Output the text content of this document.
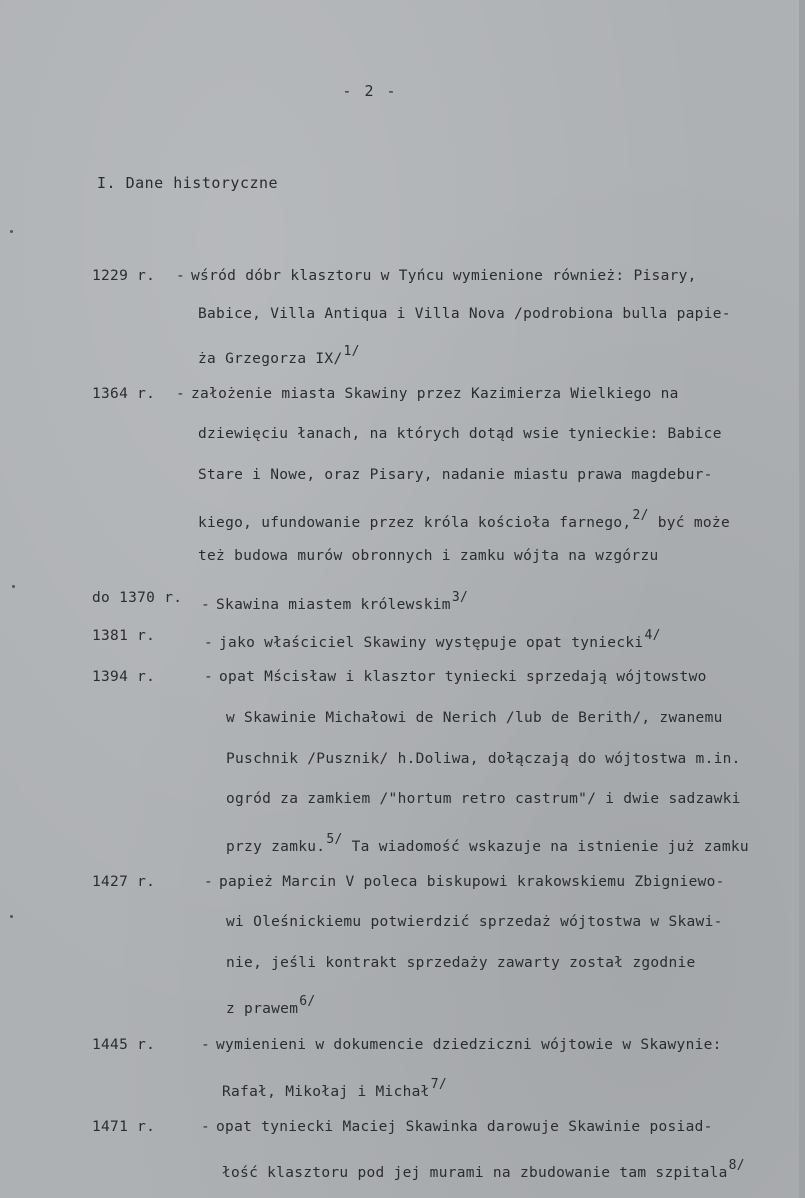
- 2 -
I. Dane historyczne
1229 r. - wśród dóbr klasztoru w Tyńcu wymienione również: Pisary,
Babice, Villa Antiqua i Villa Nova /podrobiona bulla papie-
ża Grzegorza IX/1/
1364 r. - założenie miasta Skawiny przez Kazimierza Wielkiego na
dziewięciu łanach, na których dotąd wsie tynieckie: Babice
Stare i Nowe, oraz Pisary, nadanie miastu prawa magdebur-
kiego, ufundowanie przez króla kościoła farnego,2/ być może
też budowa murów obronnych i zamku wójta na wzgórzu
do 1370 r. - Skawina miastem królewskim3/
1381 r.	- jako właściciel Skawiny występuje opat tyniecki4/
1394 r.	- opat Mścisław i klasztor tyniecki sprzedają wójtowstwo
w Skawinie Michałowi de Nerich /lub de Berith/, zwanemu
Puschnik /Pusznik/ h.Doliwa, dołączają do wójtostwa m.in.
ogród za zamkiem /"hortum retro castrum"/ i dwie sadzawki
przy zamku.5/ Ta wiadomość wskazuje na istnienie już zamku
1427 r.	- papież Marcin V poleca biskupowi krakowskiemu Zbigniewo-
wi Oleśnickiemu potwierdzić sprzedaż wójtostwa w Skawi-
nie, jeśli kontrakt sprzedaży zawarty został zgodnie
z prawem6/
1445 r.	- wymienieni w dokumencie dziedziczni wójtowie w Skawynie:
Rafał, Mikołaj i Michał7/
1471 r.	- opat tyniecki Maciej Skawinka darowuje Skawinie posiad-
łość klasztoru pod jej murami na zbudowanie tam szpitala8/
